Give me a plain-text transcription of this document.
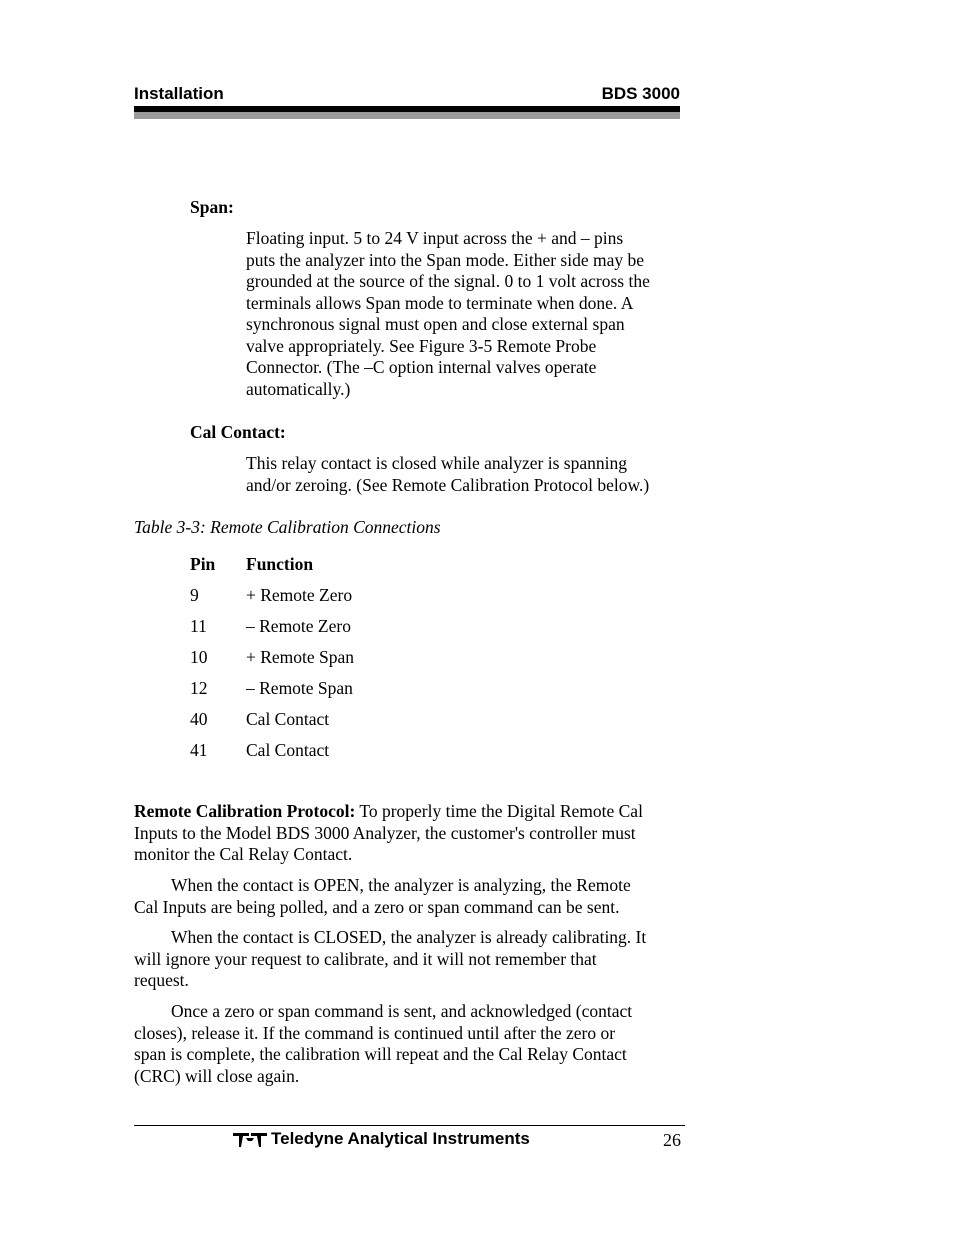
Installation	BDS 3000
Span:
Floating input. 5 to 24 V input across the + and – pins
puts the analyzer into the Span mode. Either side may be
grounded at the source of the signal. 0 to 1 volt across the
terminals allows Span mode to terminate when done. A
synchronous signal must open and close external span
valve appropriately. See Figure 3-5 Remote Probe
Connector. (The –C option internal valves operate
automatically.)
Cal Contact:
This relay contact is closed while analyzer is spanning
and/or zeroing. (See Remote Calibration Protocol below.)
Table 3-3: Remote Calibration Connections
Pin Function
9	+ Remote Zero
11 – Remote Zero
10 + Remote Span
12 – Remote Span
40 Cal Contact
41 Cal Contact
Remote Calibration Protocol: To properly time the Digital Remote Cal
Inputs to the Model BDS 3000 Analyzer, the customer's controller must
monitor the Cal Relay Contact.
When the contact is OPEN, the analyzer is analyzing, the Remote
Cal Inputs are being polled, and a zero or span command can be sent.
When the contact is CLOSED, the analyzer is already calibrating. It
will ignore your request to calibrate, and it will not remember that
request.
Once a zero or span command is sent, and acknowledged (contact
closes), release it. If the command is continued until after the zero or
span is complete, the calibration will repeat and the Cal Relay Contact
(CRC) will close again.
Teledyne Analytical Instruments	26
